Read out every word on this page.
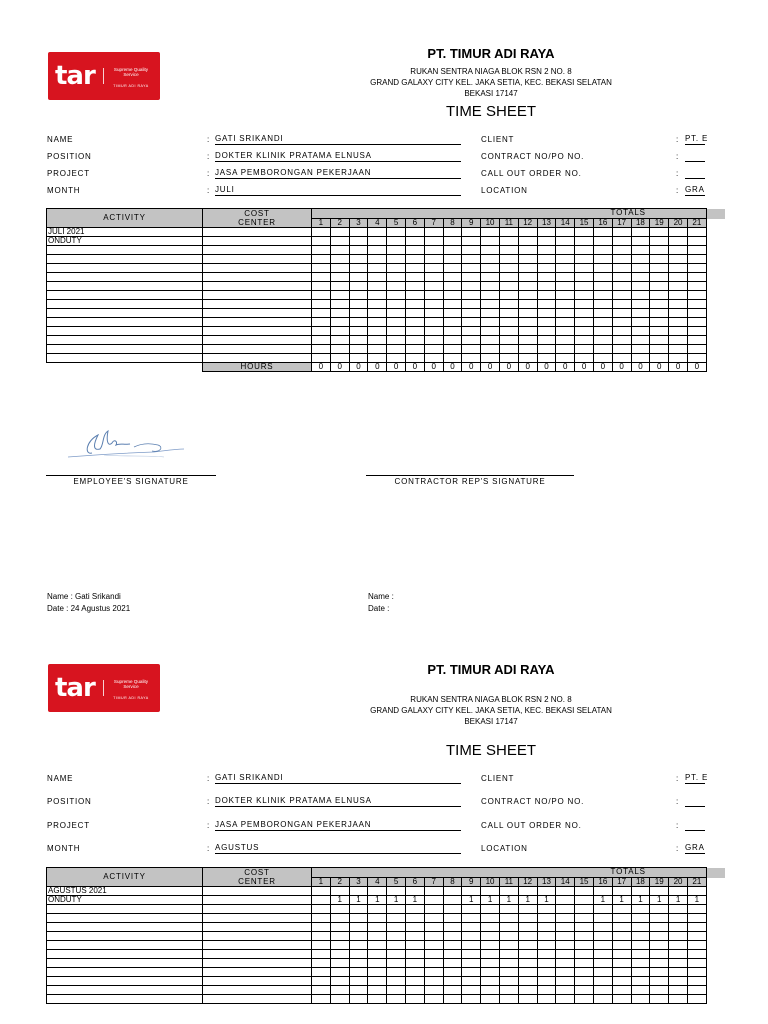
tar	Supreme Quality Service
TIMUR ADI RAYA
PT. TIMUR ADI RAYA
RUKAN SENTRA NIAGA BLOK RSN 2 NO. 8
GRAND GALAXY CITY KEL. JAKA SETIA, KEC. BEKASI SELATAN
BEKASI 17147
TIME SHEET
NAME	: GATI SRIKANDI
POSITION	: DOKTER KLINIK PRATAMA ELNUSA
PROJECT	: JASA PEMBORONGAN PEKERJAAN
MONTH	: JULI
CLIENT	: PT. E
CONTRACT NO/PO NO.	:
CALL OUT ORDER NO.	:
LOCATION	: GRA
ACTIVITY	COST CENTER	TOTALS																				
		1	2	3	4	5	6	7	8	9	10	11	12	13	14	15	16	17	18	19	20	21
JULI 2021																						
ONDUTY																						

	HOURS	0	0	0	0	0	0	0	0	0	0	0	0	0	0	0	0	0	0	0	0	0
EMPLOYEE'S SIGNATURE	CONTRACTOR REP'S SIGNATURE
Name : Gati Srikandi
Date : 24 Agustus 2021
Name :
Date :
tar	Supreme Quality Service
TIMUR ADI RAYA
PT. TIMUR ADI RAYA
RUKAN SENTRA NIAGA BLOK RSN 2 NO. 8
GRAND GALAXY CITY KEL. JAKA SETIA, KEC. BEKASI SELATAN
BEKASI 17147
TIME SHEET
NAME	: GATI SRIKANDI
POSITION	: DOKTER KLINIK PRATAMA ELNUSA
PROJECT	: JASA PEMBORONGAN PEKERJAAN
MONTH	: AGUSTUS
CLIENT	: PT. E
CONTRACT NO/PO NO.	:
CALL OUT ORDER NO.	:
LOCATION	: GRA
ACTIVITY	COST CENTER	TOTALS																				
		1	2	3	4	5	6	7	8	9	10	11	12	13	14	15	16	17	18	19	20	21
AGUSTUS 2021																						
ONDUTY			1	1	1	1	1			1	1	1	1	1			1	1	1	1	1	1
